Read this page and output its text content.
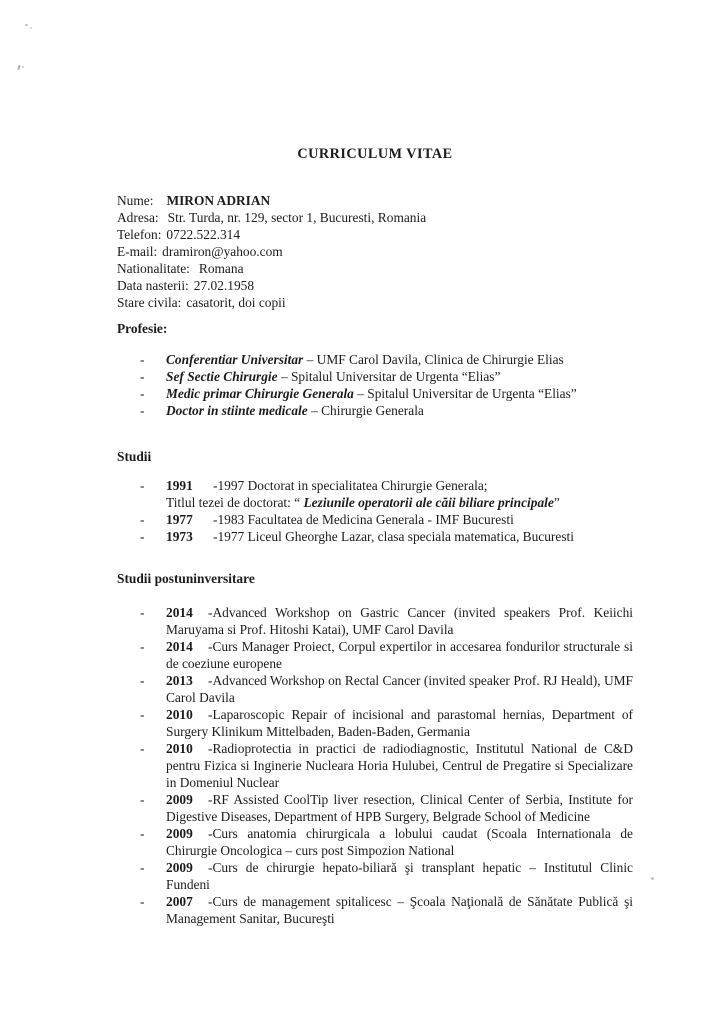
CURRICULUM VITAE
Nume: MIRON ADRIAN
Adresa: Str. Turda, nr. 129, sector 1, Bucuresti, Romania
Telefon: 0722.522.314
E-mail: dramiron@yahoo.com
Nationalitate: Romana
Data nasterii: 27.02.1958
Stare civila: casatorit, doi copii
Profesie:
- Conferentiar Universitar – UMF Carol Davila, Clinica de Chirurgie Elias
- Sef Sectie Chirurgie – Spitalul Universitar de Urgenta “Elias”
- Medic primar Chirurgie Generala – Spitalul Universitar de Urgenta “Elias”
- Doctor in stiinte medicale – Chirurgie Generala
Studii
- 1991 -1997 Doctorat in specialitatea Chirurgie Generala;
Titlul tezei de doctorat: “ Leziunile operatorii ale căii biliare principale”
- 1977 -1983 Facultatea de Medicina Generala - IMF Bucuresti
- 1973 -1977 Liceul Gheorghe Lazar, clasa speciala matematica, Bucuresti
Studii postuninversitare
- 2014 -Advanced Workshop on Gastric Cancer (invited speakers Prof. Keiichi Maruyama si Prof. Hitoshi Katai), UMF Carol Davila
- 2014 -Curs Manager Proiect, Corpul expertilor in accesarea fondurilor structurale si de coeziune europene
- 2013 -Advanced Workshop on Rectal Cancer (invited speaker Prof. RJ Heald), UMF Carol Davila
- 2010 -Laparoscopic Repair of incisional and parastomal hernias, Department of Surgery Klinikum Mittelbaden, Baden-Baden, Germania
- 2010 -Radioprotectia in practici de radiodiagnostic, Institutul National de C&D pentru Fizica si Inginerie Nucleara Horia Hulubei, Centrul de Pregatire si Specializare in Domeniul Nuclear
- 2009 -RF Assisted CoolTip liver resection, Clinical Center of Serbia, Institute for Digestive Diseases, Department of HPB Surgery, Belgrade School of Medicine
- 2009 -Curs anatomia chirurgicala a lobului caudat (Scoala Internationala de Chirurgie Oncologica – curs post Simpozion National
- 2009 -Curs de chirurgie hepato-biliară şi transplant hepatic – Institutul Clinic Fundeni
- 2007 -Curs de management spitalicesc – Şcoala Naţională de Sănătate Publică şi Management Sanitar, Bucureşti
